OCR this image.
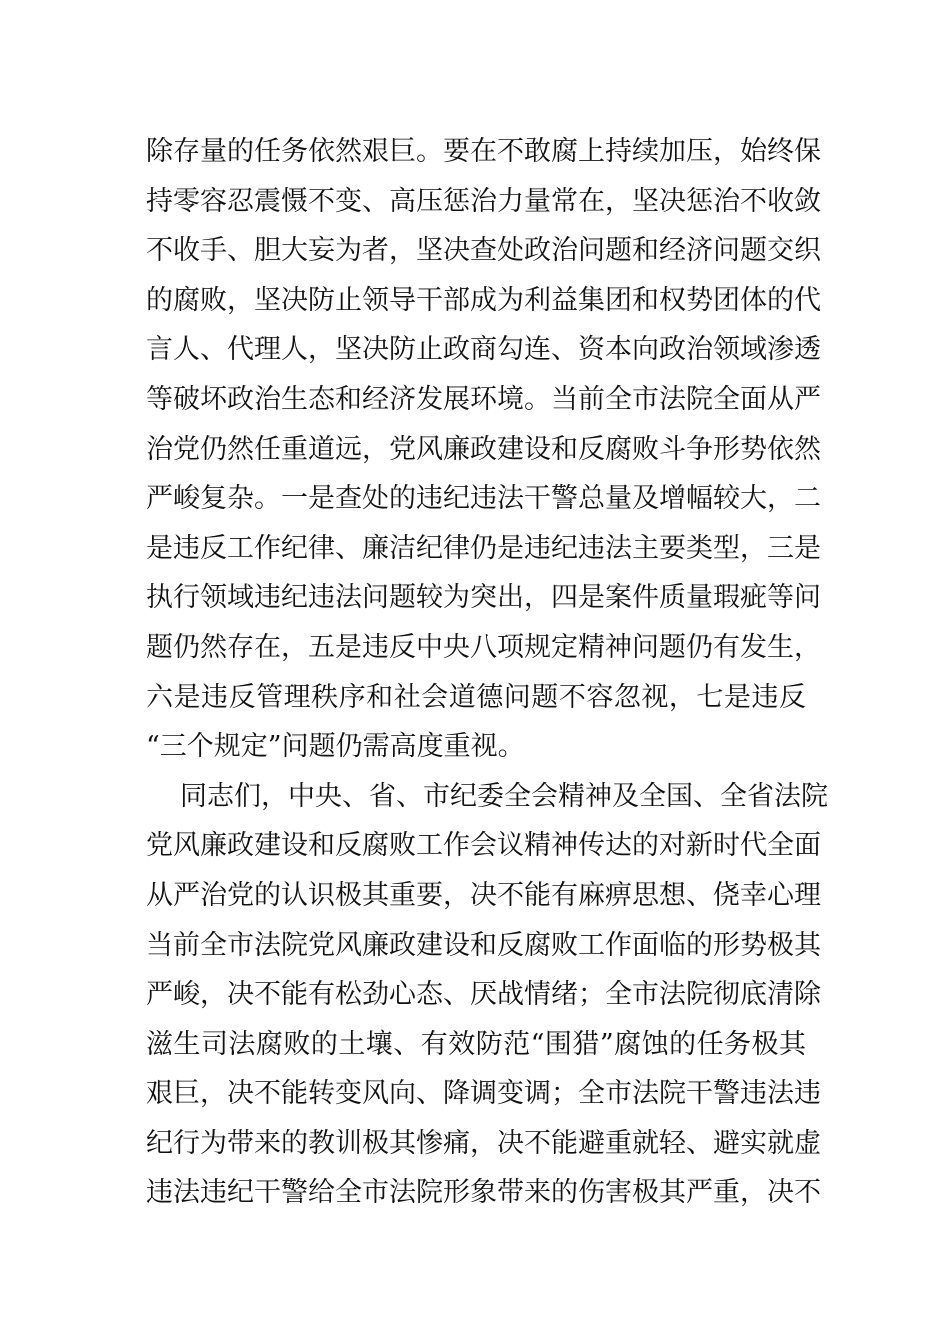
除存量的任务依然艰巨。要在不敢腐上持续加压，始终保
持零容忍震慑不变、高压惩治力量常在，坚决惩治不收敛
不收手、胆大妄为者，坚决查处政治问题和经济问题交织
的腐败，坚决防止领导干部成为利益集团和权势团体的代
言人、代理人，坚决防止政商勾连、资本向政治领域渗透
等破坏政治生态和经济发展环境。当前全市法院全面从严
治党仍然任重道远，党风廉政建设和反腐败斗争形势依然
严峻复杂。一是查处的违纪违法干警总量及增幅较大，二
是违反工作纪律、廉洁纪律仍是违纪违法主要类型，三是
执行领域违纪违法问题较为突出，四是案件质量瑕疵等问
题仍然存在，五是违反中央八项规定精神问题仍有发生，
六是违反管理秩序和社会道德问题不容忽视，七是违反
“三个规定”问题仍需高度重视。
同志们，中央、省、市纪委全会精神及全国、全省法院
党风廉政建设和反腐败工作会议精神传达的对新时代全面
从严治党的认识极其重要，决不能有麻痹思想、侥幸心理
当前全市法院党风廉政建设和反腐败工作面临的形势极其
严峻，决不能有松劲心态、厌战情绪；全市法院彻底清除
滋生司法腐败的土壤、有效防范“围猎”腐蚀的任务极其
艰巨，决不能转变风向、降调变调；全市法院干警违法违
纪行为带来的教训极其惨痛，决不能避重就轻、避实就虚
违法违纪干警给全市法院形象带来的伤害极其严重，决不
